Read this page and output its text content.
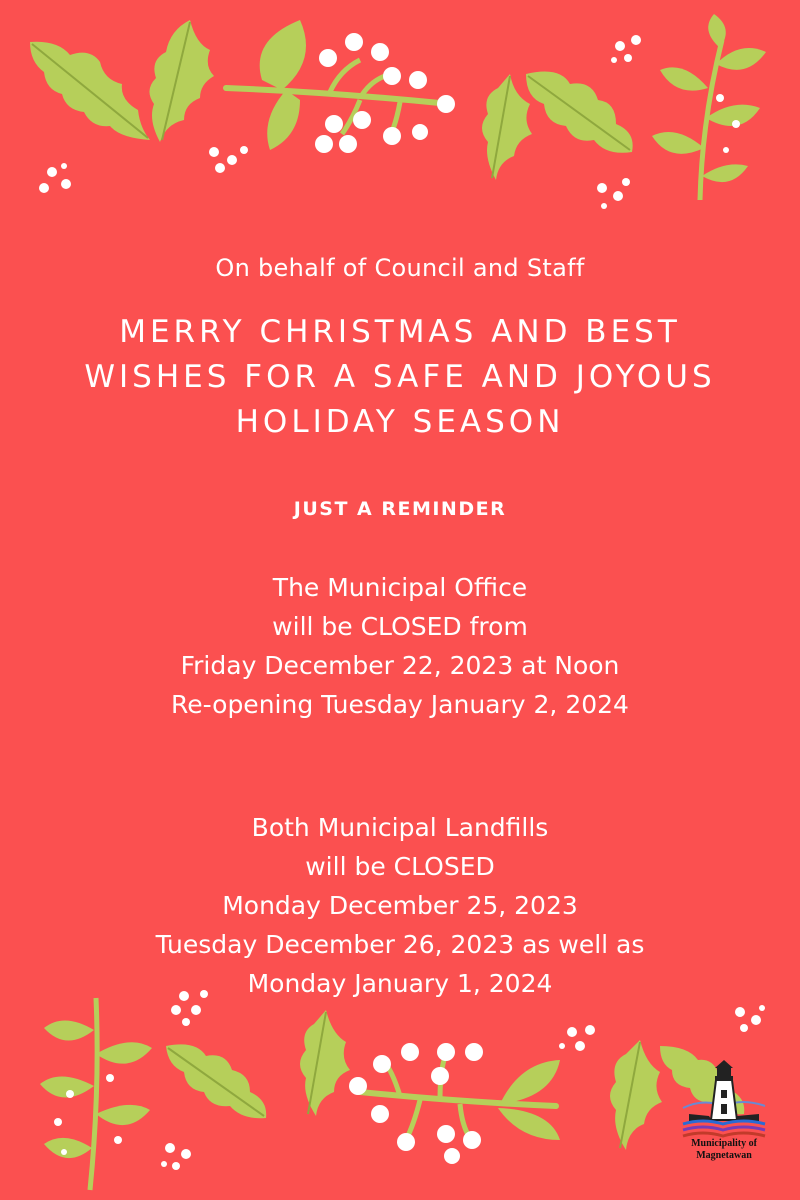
On behalf of Council and Staff
MERRY CHRISTMAS AND BEST
WISHES FOR A SAFE AND JOYOUS
HOLIDAY SEASON
JUST A REMINDER
The Municipal Office
will be CLOSED from
Friday December 22, 2023 at Noon
Re-opening Tuesday January 2, 2024
Both Municipal Landfills
will be CLOSED
Monday December 25, 2023
Tuesday December 26, 2023 as well as
Monday January 1, 2024
Municipality of
Magnetawan
